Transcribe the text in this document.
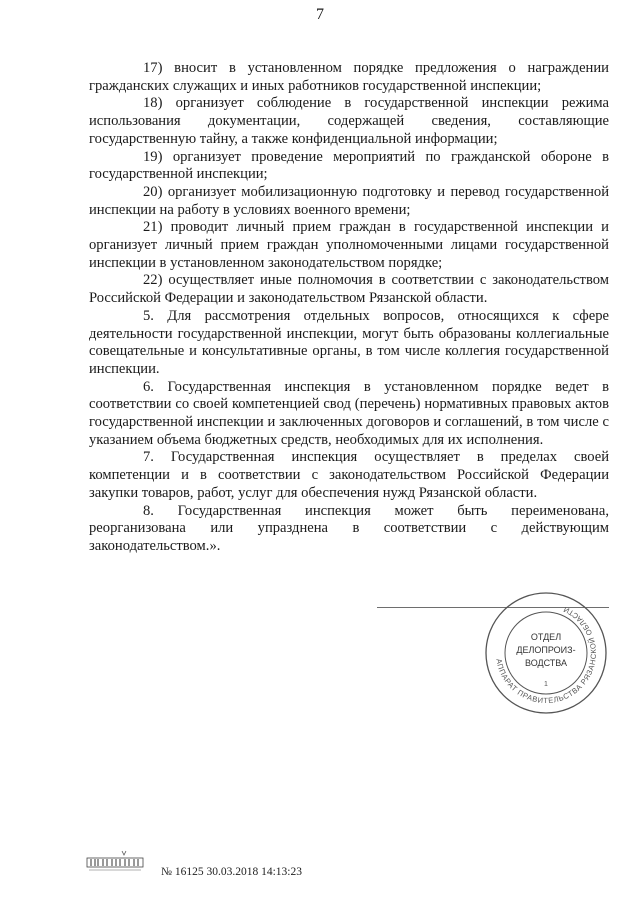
7

17) вносит в установленном порядке предложения о награждении гражданских служащих и иных работников государственной инспекции;

18) организует соблюдение в государственной инспекции режима использования документации, содержащей сведения, составляющие государственную тайну, а также конфиденциальной информации;

19) организует проведение мероприятий по гражданской обороне в государственной инспекции;

20) организует мобилизационную подготовку и перевод государственной инспекции на работу в условиях военного времени;

21) проводит личный прием граждан в государственной инспекции и организует личный прием граждан уполномоченными лицами государственной инспекции в установленном законодательством порядке;

22) осуществляет иные полномочия в соответствии с законодательством Российской Федерации и законодательством Рязанской области.

5. Для рассмотрения отдельных вопросов, относящихся к сфере деятельности государственной инспекции, могут быть образованы коллегиальные совещательные и консультативные органы, в том числе коллегия государственной инспекции.

6. Государственная инспекция в установленном порядке ведет в соответствии со своей компетенцией свод (перечень) нормативных правовых актов государственной инспекции и заключенных договоров и соглашений, в том числе с указанием объема бюджетных средств, необходимых для их исполнения.

7. Государственная инспекция осуществляет в пределах своей компетенции и в соответствии с законодательством Российской Федерации закупки товаров, работ, услуг для обеспечения нужд Рязанской области.

8. Государственная инспекция может быть переименована, реорганизована или упразднена в соответствии с действующим законодательством.».

АППАРАТ ПРАВИТЕЛЬСТВА РЯЗАНСКОЙ ОБЛАСТИ
ОТДЕЛ
ДЕЛОПРОИЗ-
ВОДСТВА
1
№ 16125 30.03.2018 14:13:23
